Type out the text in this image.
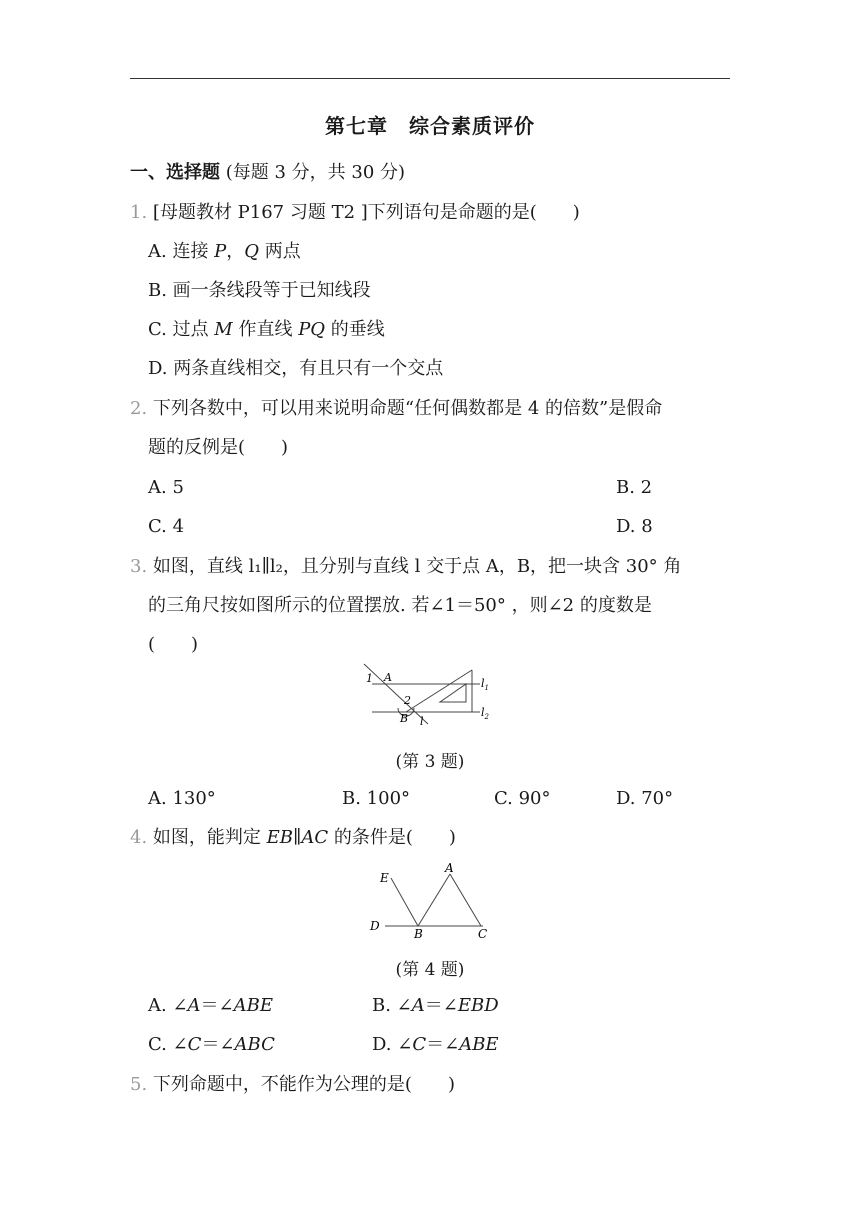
第七章　综合素质评价
一、选择题 (每题 3 分，共 30 分)
1. [母题教材 P167 习题 T2 ]下列语句是命题的是(　　)
A. 连接 P，Q 两点
B. 画一条线段等于已知线段
C. 过点 M 作直线 PQ 的垂线
D. 两条直线相交，有且只有一个交点
2. 下列各数中，可以用来说明命题“任何偶数都是 4 的倍数”是假命
题的反例是(　　)
A. 5	B. 2
C. 4	D. 8
3. 如图，直线 l₁∥l₂，且分别与直线 l 交于点 A，B，把一块含 30° 角
的三角尺按如图所示的位置摆放. 若∠1＝50° ，则∠2 的度数是
(　　)
1 A
2
B l
$l_1$
$l_2$
(第 3 题)
A. 130°	B. 100°	C. 90°	D. 70°
4. 如图，能判定 EB∥AC 的条件是(　　)
E
A
D
B	C
(第 4 题)
A. ∠A＝∠ABE	B. ∠A＝∠EBD
C. ∠C＝∠ABC	D. ∠C＝∠ABE
5. 下列命题中，不能作为公理的是(　　)
